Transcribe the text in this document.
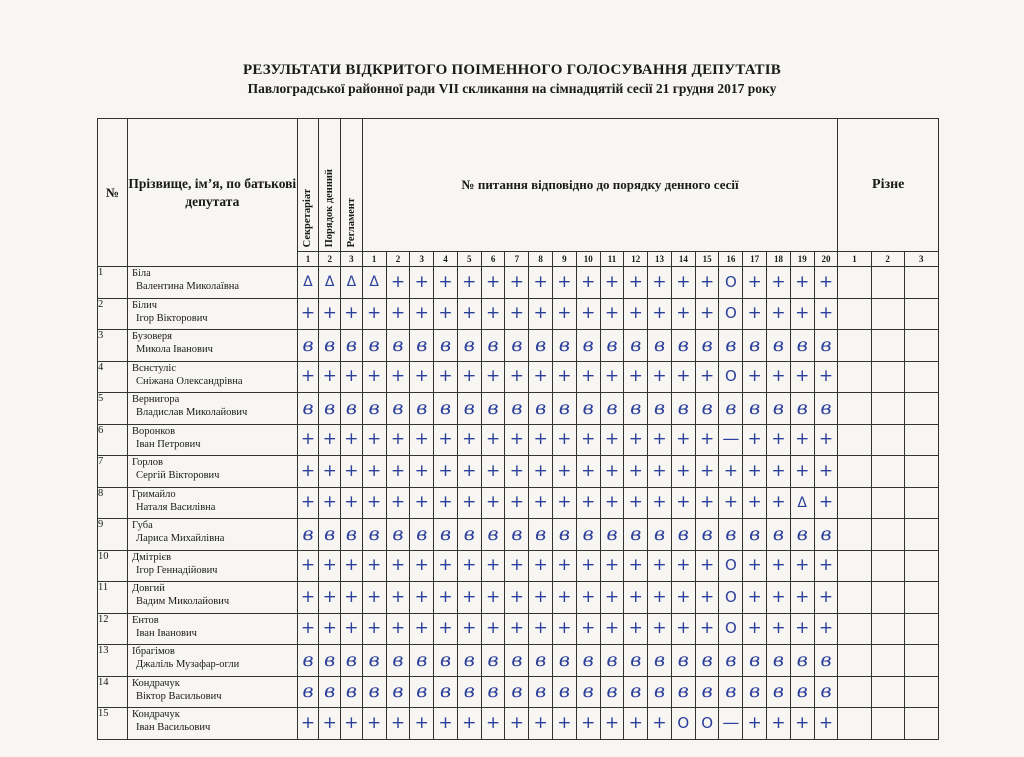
РЕЗУЛЬТАТИ ВІДКРИТОГО ПОІМЕННОГО ГОЛОСУВАННЯ ДЕПУТАТІВ
Павлоградської районної ради VII скликання на сімнадцятій сесії 21 грудня 2017 року
№	Прізвище, ім’я, по батькові депутата	Секретаріат	Порядок денний	Регламент	№ питання відповідно до порядку денного сесії																				Різне		
		1	2	3	1	2	3	4	5	6	7	8	9	10	11	12	13	14	15	16	17	18	19	20	1	2	3
1	Біла
Валентина Миколаївна	Δ	Δ	Δ	Δ	+	+	+	+	+	+	+	+	+	+	+	+	+	+	O	+	+	+	+			
2	Білич
Ігор Вікторович	+	+	+	+	+	+	+	+	+	+	+	+	+	+	+	+	+	+	O	+	+	+	+			
3	Бузоверя
Микола Іванович	в	в	в	в	в	в	в	в	в	в	в	в	в	в	в	в	в	в	в	в	в	в	в			
4	Вснстуліс
Сніжана Олександрівна	+	+	+	+	+	+	+	+	+	+	+	+	+	+	+	+	+	+	O	+	+	+	+			
5	Вернигора
Владислав Миколайович	в	в	в	в	в	в	в	в	в	в	в	в	в	в	в	в	в	в	в	в	в	в	в			
6	Воронков
Іван Петрович	+	+	+	+	+	+	+	+	+	+	+	+	+	+	+	+	+	+	—	+	+	+	+			
7	Горлов
Сергій Вікторович	+	+	+	+	+	+	+	+	+	+	+	+	+	+	+	+	+	+	+	+	+	+	+			
8	Гримайло
Наталя Василівна	+	+	+	+	+	+	+	+	+	+	+	+	+	+	+	+	+	+	+	+	+	Δ	+			
9	Губа
Лариса Михайлівна	в	в	в	в	в	в	в	в	в	в	в	в	в	в	в	в	в	в	в	в	в	в	в			
10	Дмітрієв
Ігор Геннадійович	+	+	+	+	+	+	+	+	+	+	+	+	+	+	+	+	+	+	O	+	+	+	+			
11	Довгий
Вадим Миколайович	+	+	+	+	+	+	+	+	+	+	+	+	+	+	+	+	+	+	O	+	+	+	+			
12	Ентов
Іван Іванович	+	+	+	+	+	+	+	+	+	+	+	+	+	+	+	+	+	+	O	+	+	+	+			
13	Ібрагімов
Джаліль Музафар-огли	в	в	в	в	в	в	в	в	в	в	в	в	в	в	в	в	в	в	в	в	в	в	в			
14	Кондрачук
Віктор Васильович	в	в	в	в	в	в	в	в	в	в	в	в	в	в	в	в	в	в	в	в	в	в	в			
15	Кондрачук
Іван Васильович	+	+	+	+	+	+	+	+	+	+	+	+	+	+	+	+	O	O	—	+	+	+	+			
